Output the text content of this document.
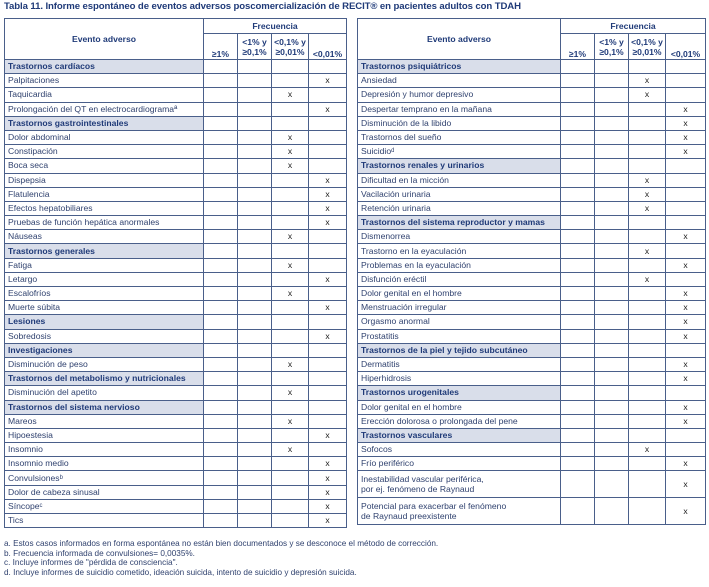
Tabla 11. Informe espontáneo de eventos adversos poscomercialización de RECIT® en pacientes adultos con TDAH
Evento adverso	Frecuencia			
	≥1%	<1% y
≥0,1%	<0,1% y
≥0,01%	<0,01%
Trastornos cardíacos				
Palpitaciones				x
Taquicardia			x	
Prolongación del QT en electrocardiogramaª				x
Trastornos gastrointestinales				
Dolor abdominal			x	
Constipación			x	
Boca seca			x	
Dispepsia				x
Flatulencia				x
Efectos hepatobiliares				x
Pruebas de función hepática anormales				x
Náuseas			x	
Trastornos generales				
Fatiga			x	
Letargo				x
Escalofríos			x	
Muerte súbita				x
Lesiones				
Sobredosis				x
Investigaciones				
Disminución de peso			x	
Trastornos del metabolismo y nutricionales				
Disminución del apetito			x	
Trastornos del sistema nervioso				
Mareos			x	
Hipoestesia				x
Insomnio			x	
Insomnio medio				x
Convulsionesᵇ				x
Dolor de cabeza sinusal				x
Síncopeᶜ				x
Tics				x
Evento adverso	Frecuencia			
	≥1%	<1% y
≥0,1%	<0,1% y
≥0,01%	<0,01%
Trastornos psiquiátricos				
Ansiedad			x	
Depresión y humor depresivo			x	
Despertar temprano en la mañana				x
Disminución de la libido				x
Trastornos del sueño				x
Suicidioᵈ				x
Trastornos renales y urinarios				
Dificultad en la micción			x	
Vacilación urinaria			x	
Retención urinaria			x	
Trastornos del sistema reproductor y mamas				
Dismenorrea				x
Trastorno en la eyaculación			x	
Problemas en la eyaculación				x
Disfunción eréctil			x	
Dolor genital en el hombre				x
Menstruación irregular				x
Orgasmo anormal				x
Prostatitis				x
Trastornos de la piel y tejido subcutáneo				
Dermatitis				x
Hiperhidrosis				x
Trastornos urogenitales				
Dolor genital en el hombre				x
Erección dolorosa o prolongada del pene				x
Trastornos vasculares				
Sofocos			x	
Frío periférico				x
Inestabilidad vascular periférica,
por ej. fenómeno de Raynaud				x
Potencial para exacerbar el fenómeno
de Raynaud preexistente				x
a. Estos casos informados en forma espontánea no están bien documentados y se desconoce el método de corrección.
b. Frecuencia informada de convulsiones= 0,0035%.
c. Incluye informes de "pérdida de consciencia".
d. Incluye informes de suicidio cometido, ideación suicida, intento de suicidio y depresión suicida.
